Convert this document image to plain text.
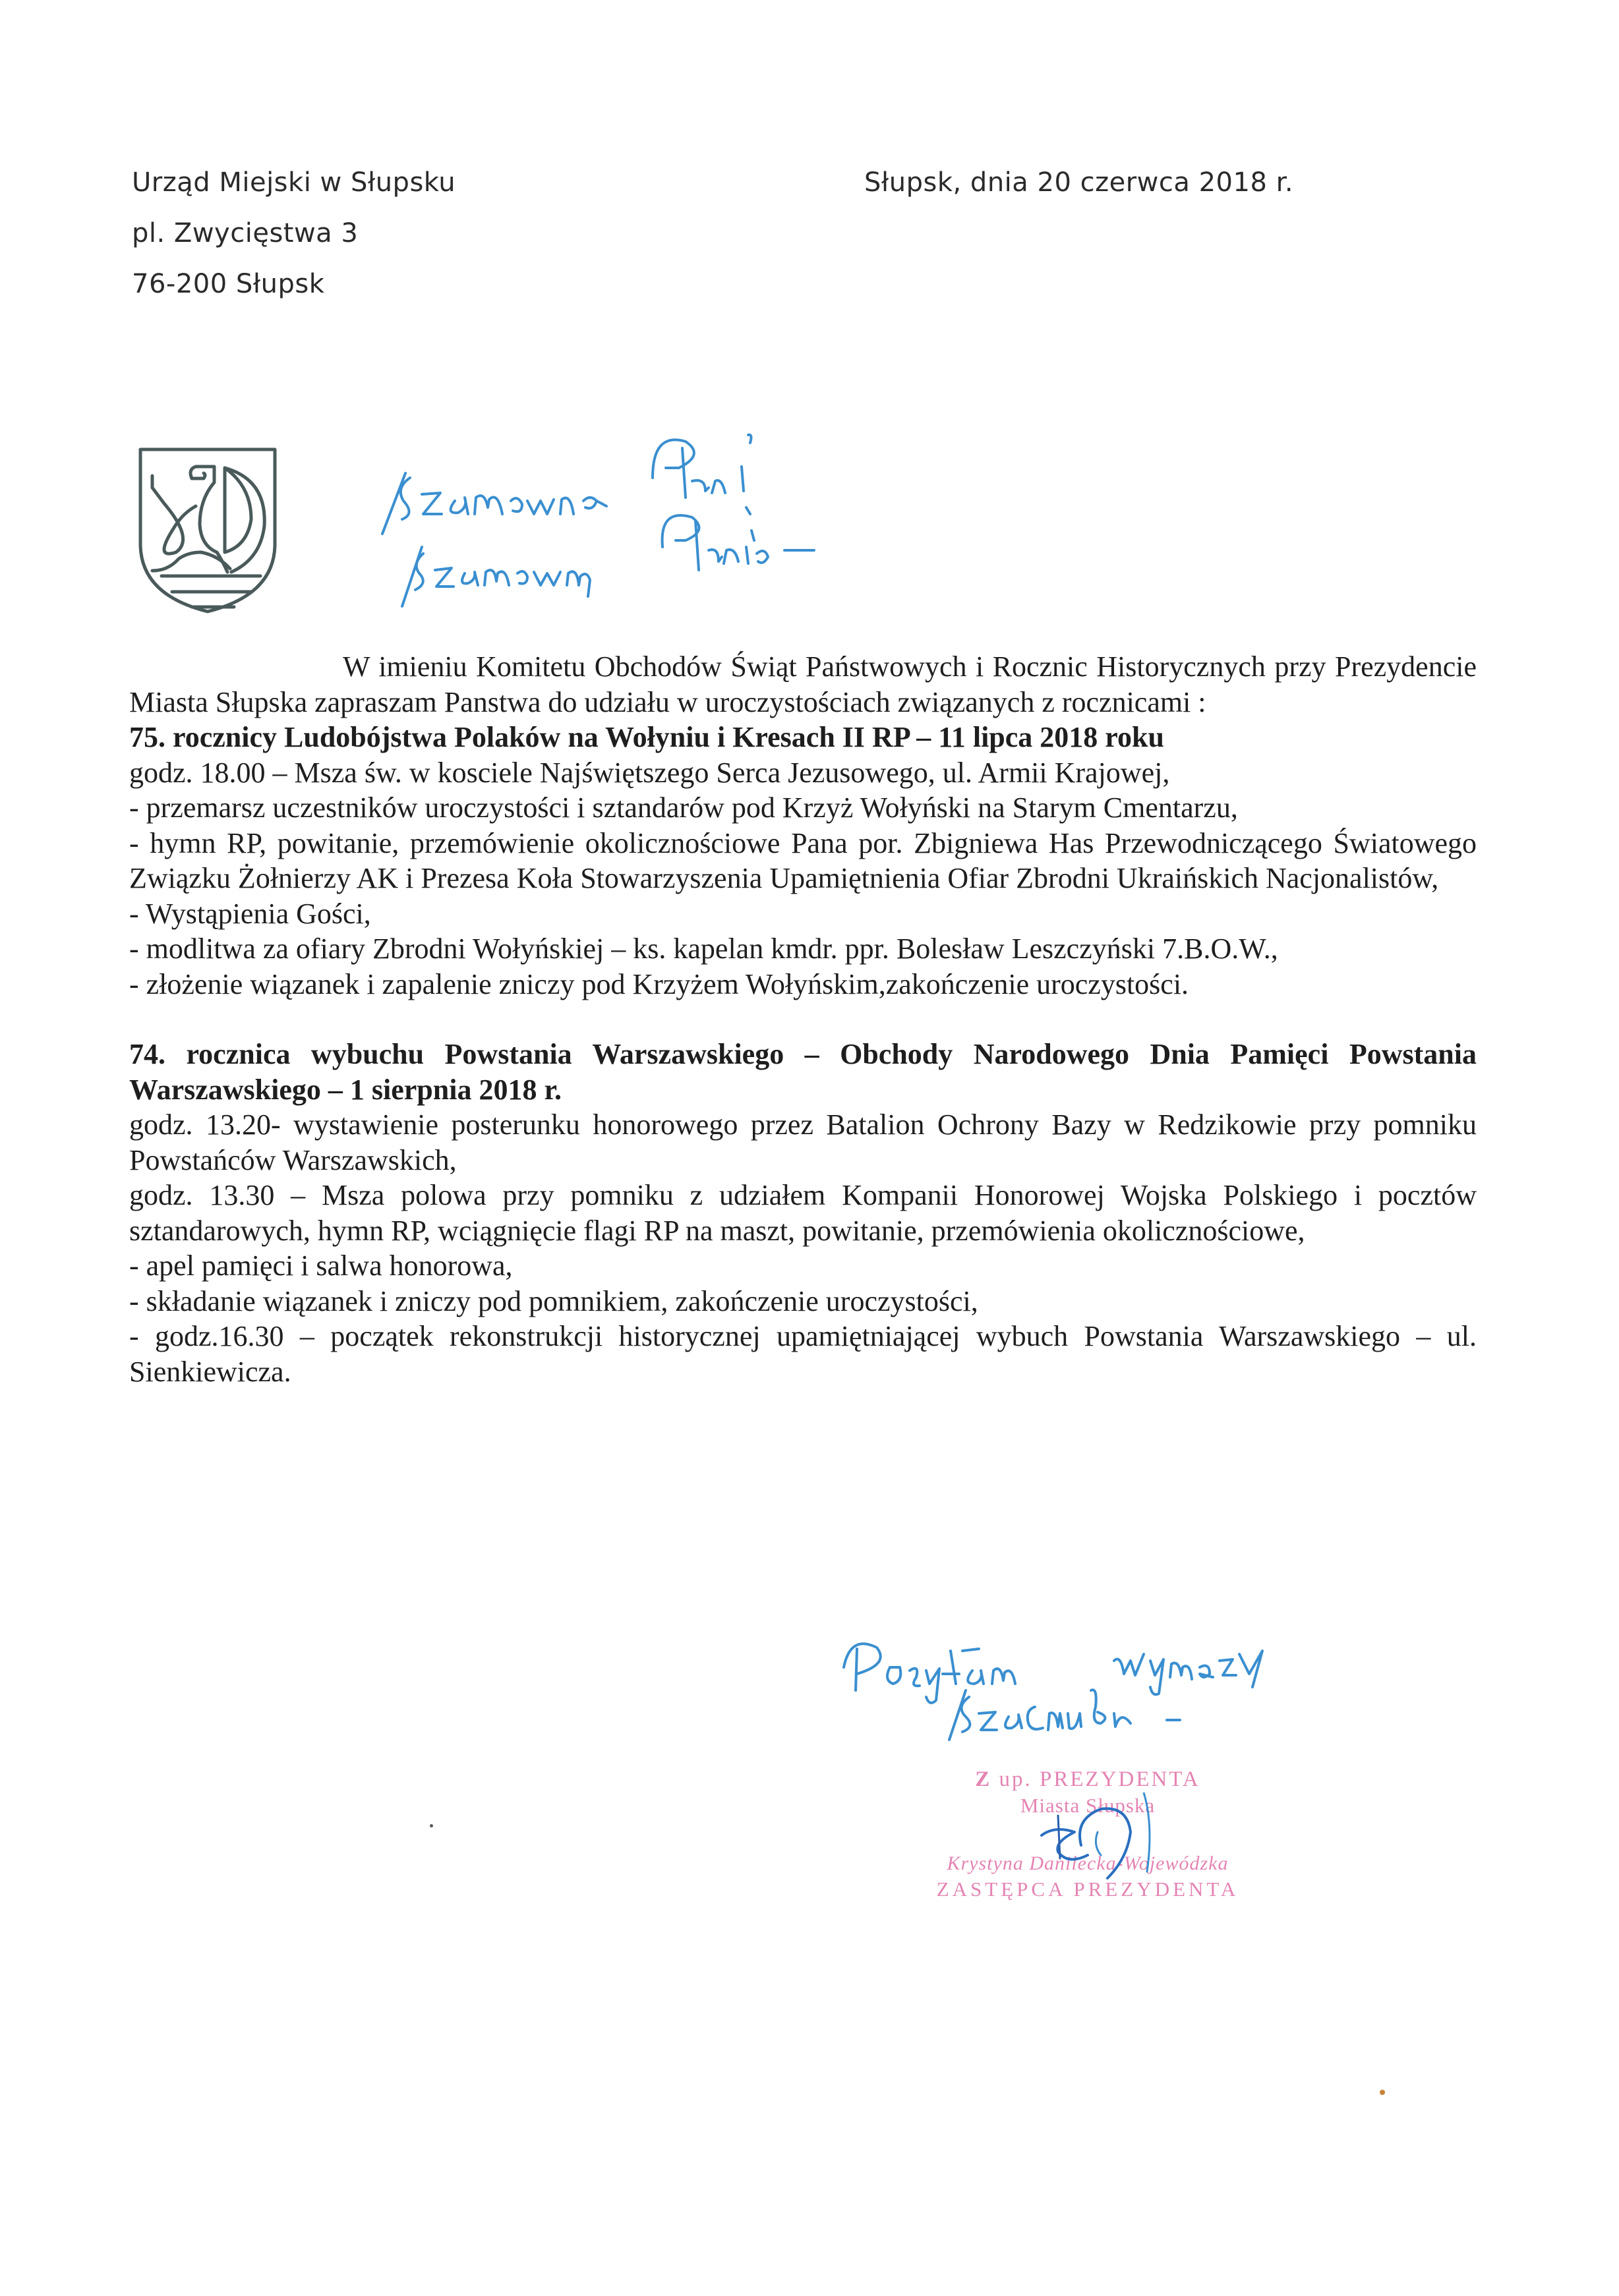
Urząd Miejski w Słupsku
pl. Zwycięstwa 3
76-200 Słupsk
Słupsk, dnia 20 czerwca 2018 r.

W imieniu Komitetu Obchodów Świąt Państwowych i Rocznic Historycznych przy Prezydencie Miasta Słupska zapraszam Panstwa do udziału w uroczystościach związanych z rocznicami :

75. rocznicy Ludobójstwa Polaków na Wołyniu i Kresach II RP – 11 lipca 2018 roku

godz. 18.00 – Msza św. w kosciele Najświętszego Serca Jezusowego, ul. Armii Krajowej,

- przemarsz uczestników uroczystości i sztandarów pod Krzyż Wołyński na Starym Cmentarzu,

- hymn RP, powitanie, przemówienie okolicznościowe Pana por. Zbigniewa Has Przewodniczącego Światowego Związku Żołnierzy AK i Prezesa Koła Stowarzyszenia Upamiętnienia Ofiar Zbrodni Ukraińskich Nacjonalistów,

- Wystąpienia Gości,

- modlitwa za ofiary Zbrodni Wołyńskiej – ks. kapelan kmdr. ppr. Bolesław Leszczyński 7.B.O.W.,

- złożenie wiązanek i zapalenie zniczy pod Krzyżem Wołyńskim,zakończenie uroczystości.

74. rocznica wybuchu Powstania Warszawskiego – Obchody Narodowego Dnia Pamięci Powstania Warszawskiego – 1 sierpnia 2018 r.

godz. 13.20- wystawienie posterunku honorowego przez Batalion Ochrony Bazy w Redzikowie przy pomniku Powstańców Warszawskich,

godz. 13.30 – Msza polowa przy pomniku z udziałem Kompanii Honorowej Wojska Polskiego i pocztów sztandarowych, hymn RP, wciągnięcie flagi RP na maszt, powitanie, przemówienia okolicznościowe,

- apel pamięci i salwa honorowa,

- składanie wiązanek i zniczy pod pomnikiem, zakończenie uroczystości,

- godz.16.30 – początek rekonstrukcji historycznej upamiętniającej wybuch Powstania Warszawskiego – ul. Sienkiewicza.

Z up. PREZYDENTA
Miasta Słupska
Krystyna Danilecka-Wojewódzka
ZASTĘPCA PREZYDENTA
